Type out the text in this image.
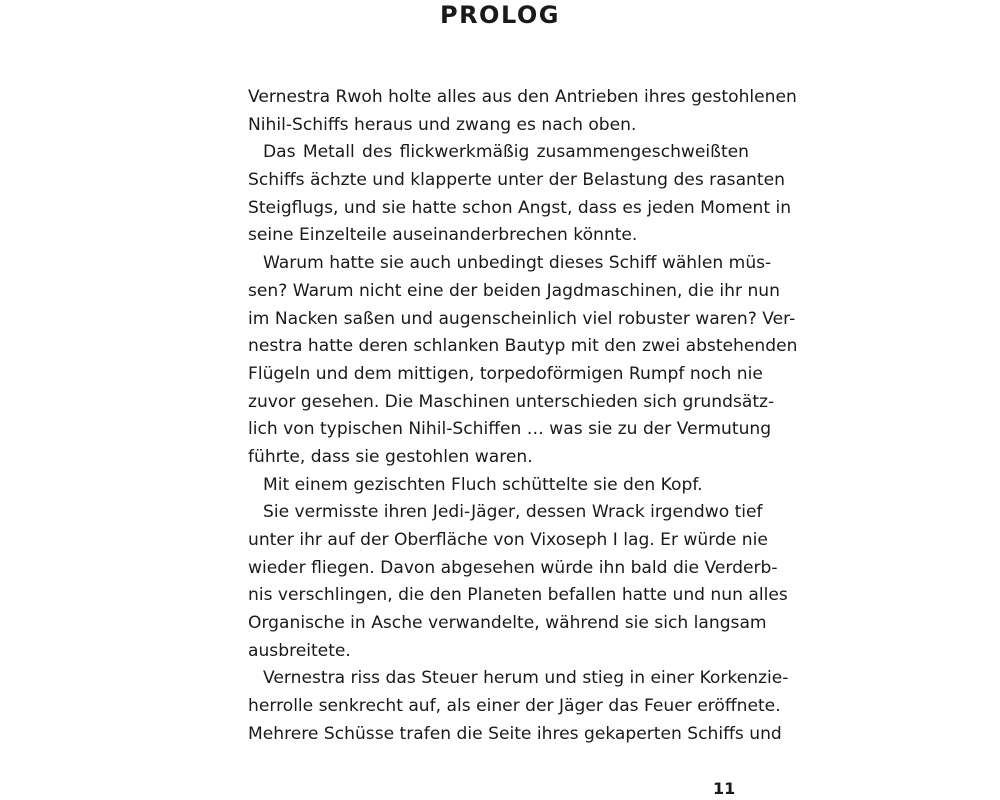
PROLOG
Vernestra Rwoh holte alles aus den Antrieben ihres gestohlenen
Nihil-Schiffs heraus und zwang es nach oben.
Das Metall des flickwerkmäßig zusammengeschweißten
Schiffs ächzte und klapperte unter der Belastung des rasanten
Steigflugs, und sie hatte schon Angst, dass es jeden Moment in
seine Einzelteile auseinanderbrechen könnte.
Warum hatte sie auch unbedingt dieses Schiff wählen müs-
sen? Warum nicht eine der beiden Jagdmaschinen, die ihr nun
im Nacken saßen und augenscheinlich viel robuster waren? Ver-
nestra hatte deren schlanken Bautyp mit den zwei abstehenden
Flügeln und dem mittigen, torpedoförmigen Rumpf noch nie
zuvor gesehen. Die Maschinen unterschieden sich grundsätz-
lich von typischen Nihil-Schiffen … was sie zu der Vermutung
führte, dass sie gestohlen waren.
Mit einem gezischten Fluch schüttelte sie den Kopf.
Sie vermisste ihren Jedi-Jäger, dessen Wrack irgendwo tief
unter ihr auf der Oberfläche von Vixoseph I lag. Er würde nie
wieder fliegen. Davon abgesehen würde ihn bald die Verderb-
nis verschlingen, die den Planeten befallen hatte und nun alles
Organische in Asche verwandelte, während sie sich langsam
ausbreitete.
Vernestra riss das Steuer herum und stieg in einer Korkenzie-
herrolle senkrecht auf, als einer der Jäger das Feuer eröffnete.
Mehrere Schüsse trafen die Seite ihres gekaperten Schiffs und
11
